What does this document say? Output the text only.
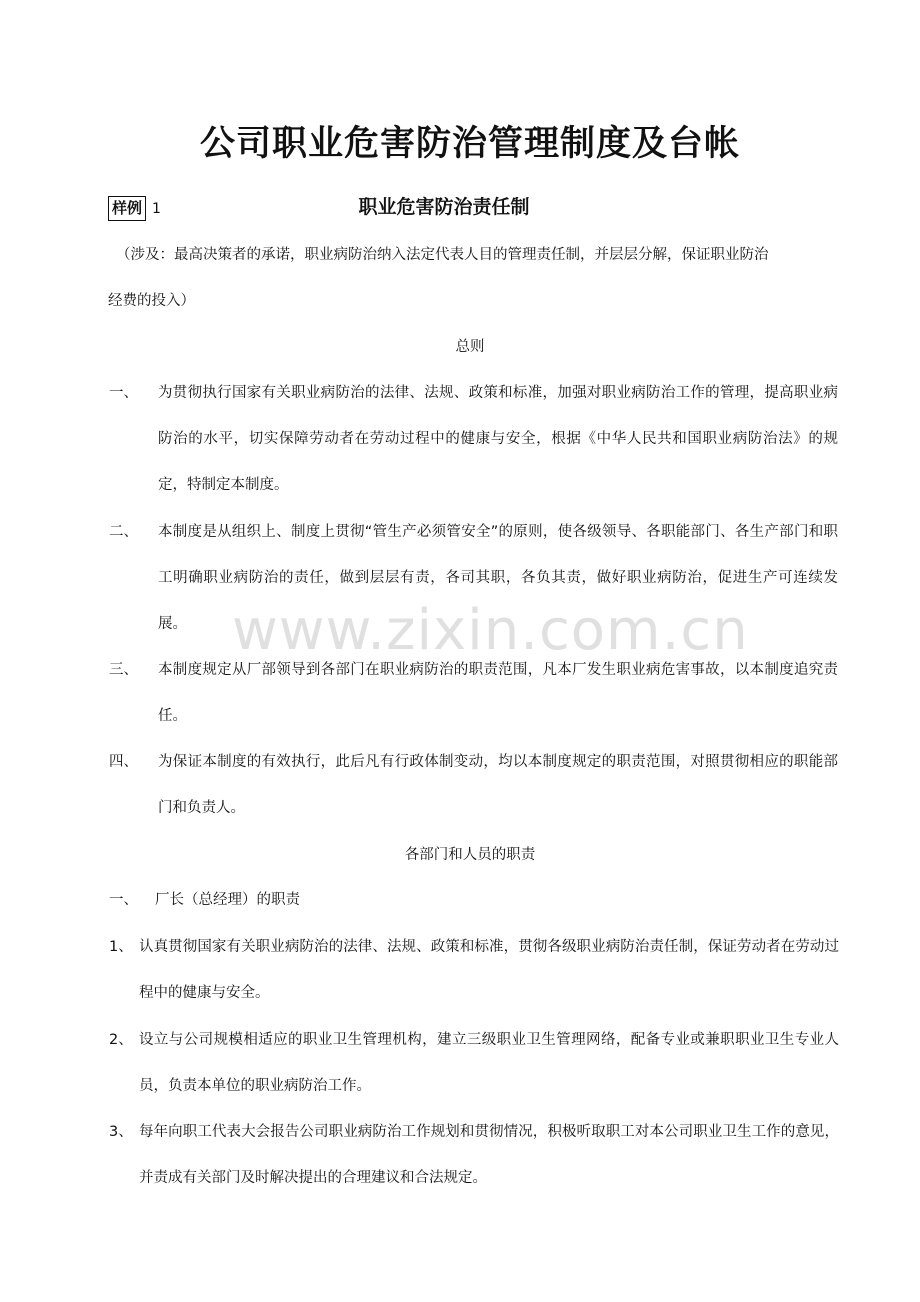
公司职业危害防治管理制度及台帐
样例 1	职业危害防治责任制
（涉及：最高决策者的承诺，职业病防治纳入法定代表人目的管理责任制，并层层分解，保证职业防治
经费的投入）
总则
一、 为贯彻执行国家有关职业病防治的法律、法规、政策和标准，加强对职业病防治工作的管理，提高职业病防治的水平，切实保障劳动者在劳动过程中的健康与安全，根据《中华人民共和国职业病防治法》的规定，特制定本制度。
二、 本制度是从组织上、制度上贯彻“管生产必须管安全”的原则，使各级领导、各职能部门、各生产部门和职工明确职业病防治的责任，做到层层有责，各司其职，各负其责，做好职业病防治，促进生产可连续发展。
三、 本制度规定从厂部领导到各部门在职业病防治的职责范围，凡本厂发生职业病危害事故，以本制度追究责任。
四、 为保证本制度的有效执行，此后凡有行政体制变动，均以本制度规定的职责范围，对照贯彻相应的职能部门和负责人。
各部门和人员的职责
一、 厂长（总经理）的职责
1、 认真贯彻国家有关职业病防治的法律、法规、政策和标准，贯彻各级职业病防治责任制，保证劳动者在劳动过程中的健康与安全。
2、 设立与公司规模相适应的职业卫生管理机构，建立三级职业卫生管理网络，配备专业或兼职职业卫生专业人员，负责本单位的职业病防治工作。
3、 每年向职工代表大会报告公司职业病防治工作规划和贯彻情况，积极听取职工对本公司职业卫生工作的意见，并责成有关部门及时解决提出的合理建议和合法规定。
www.zixin.com.cn
